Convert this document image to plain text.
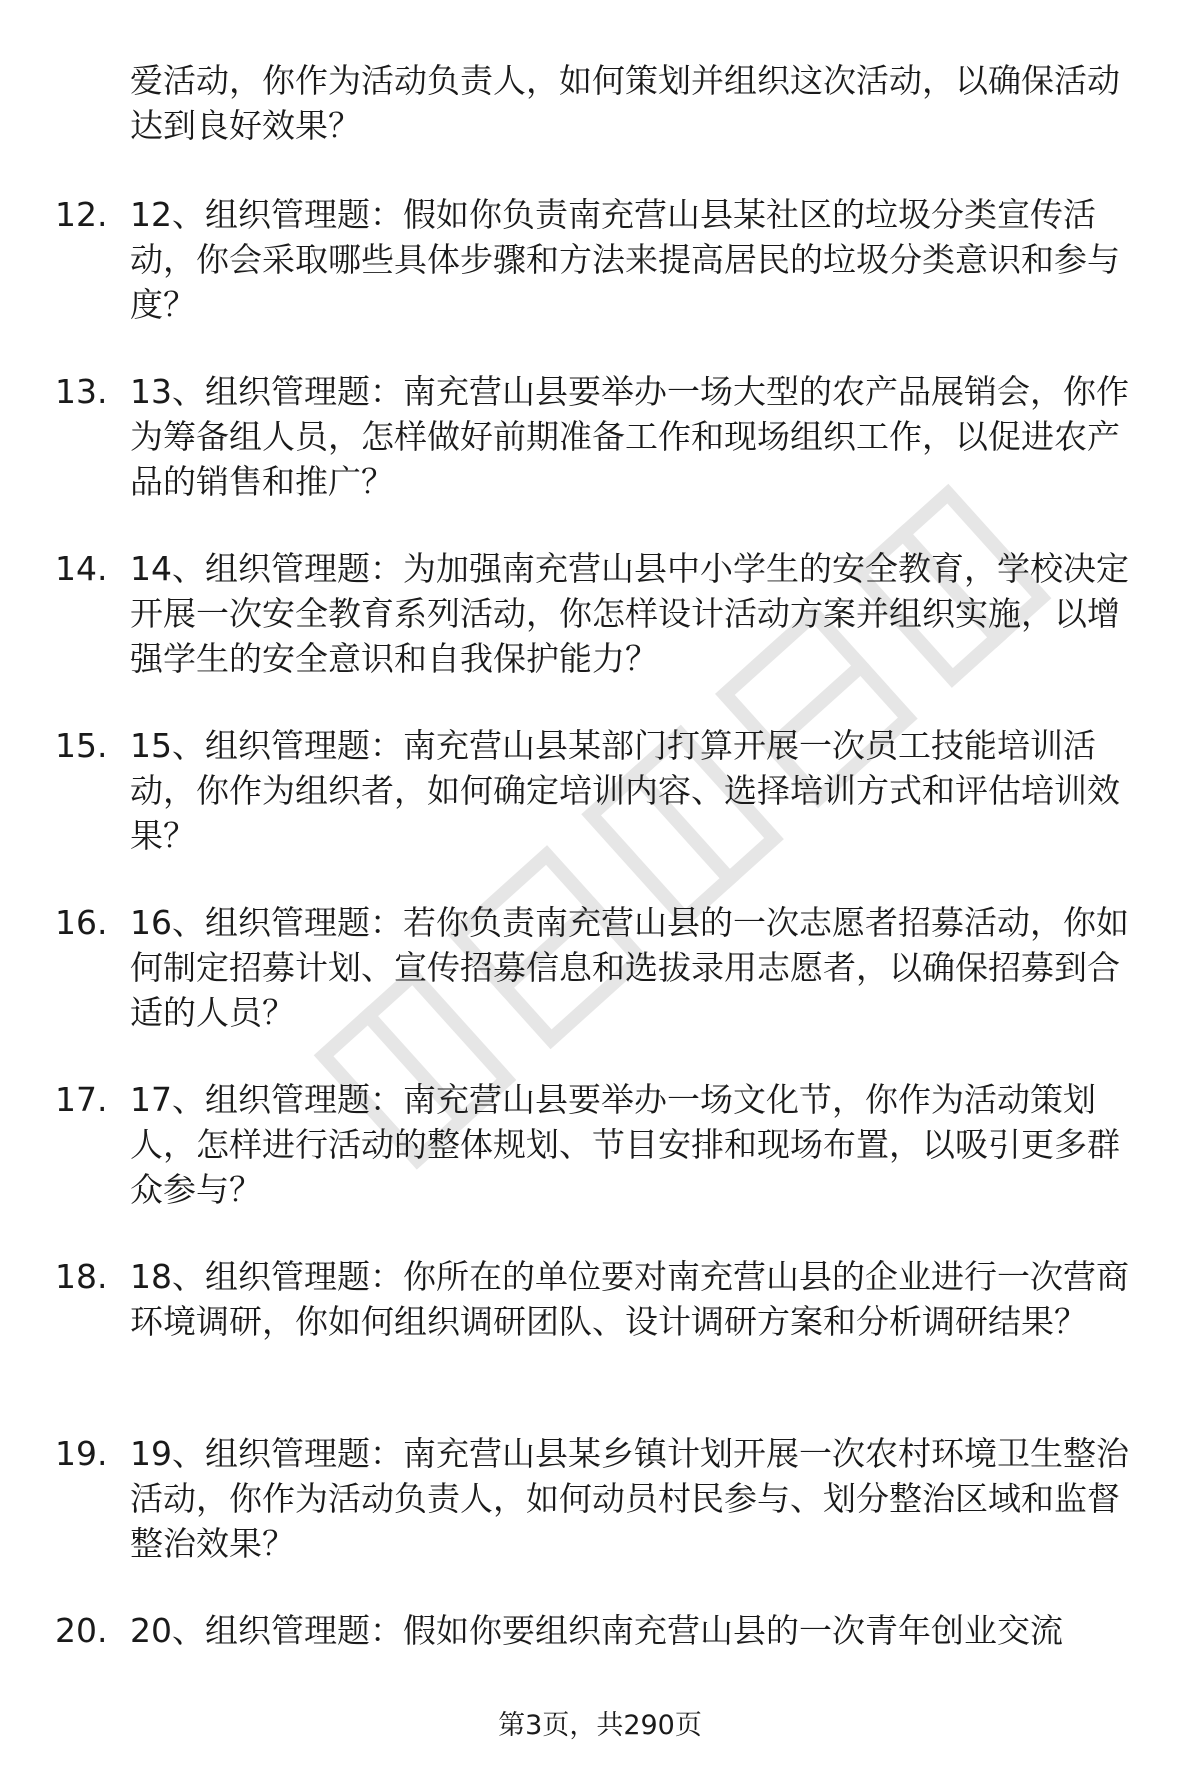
爱活动，你作为活动负责人，如何策划并组织这次活动，以确保活动达到良好效果？

12. 12、组织管理题：假如你负责南充营山县某社区的垃圾分类宣传活动，你会采取哪些具体步骤和方法来提高居民的垃圾分类意识和参与度？

13. 13、组织管理题：南充营山县要举办一场大型的农产品展销会，你作为筹备组人员，怎样做好前期准备工作和现场组织工作，以促进农产品的销售和推广？

14. 14、组织管理题：为加强南充营山县中小学生的安全教育，学校决定开展一次安全教育系列活动，你怎样设计活动方案并组织实施，以增强学生的安全意识和自我保护能力？

15. 15、组织管理题：南充营山县某部门打算开展一次员工技能培训活动，你作为组织者，如何确定培训内容、选择培训方式和评估培训效果？

16. 16、组织管理题：若你负责南充营山县的一次志愿者招募活动，你如何制定招募计划、宣传招募信息和选拔录用志愿者，以确保招募到合适的人员？

17. 17、组织管理题：南充营山县要举办一场文化节，你作为活动策划人，怎样进行活动的整体规划、节目安排和现场布置，以吸引更多群众参与？

18. 18、组织管理题：你所在的单位要对南充营山县的企业进行一次营商环境调研，你如何组织调研团队、设计调研方案和分析调研结果？

19. 19、组织管理题：南充营山县某乡镇计划开展一次农村环境卫生整治活动，你作为活动负责人，如何动员村民参与、划分整治区域和监督整治效果？

20. 20、组织管理题：假如你要组织南充营山县的一次青年创业交流

第3页，共290页
